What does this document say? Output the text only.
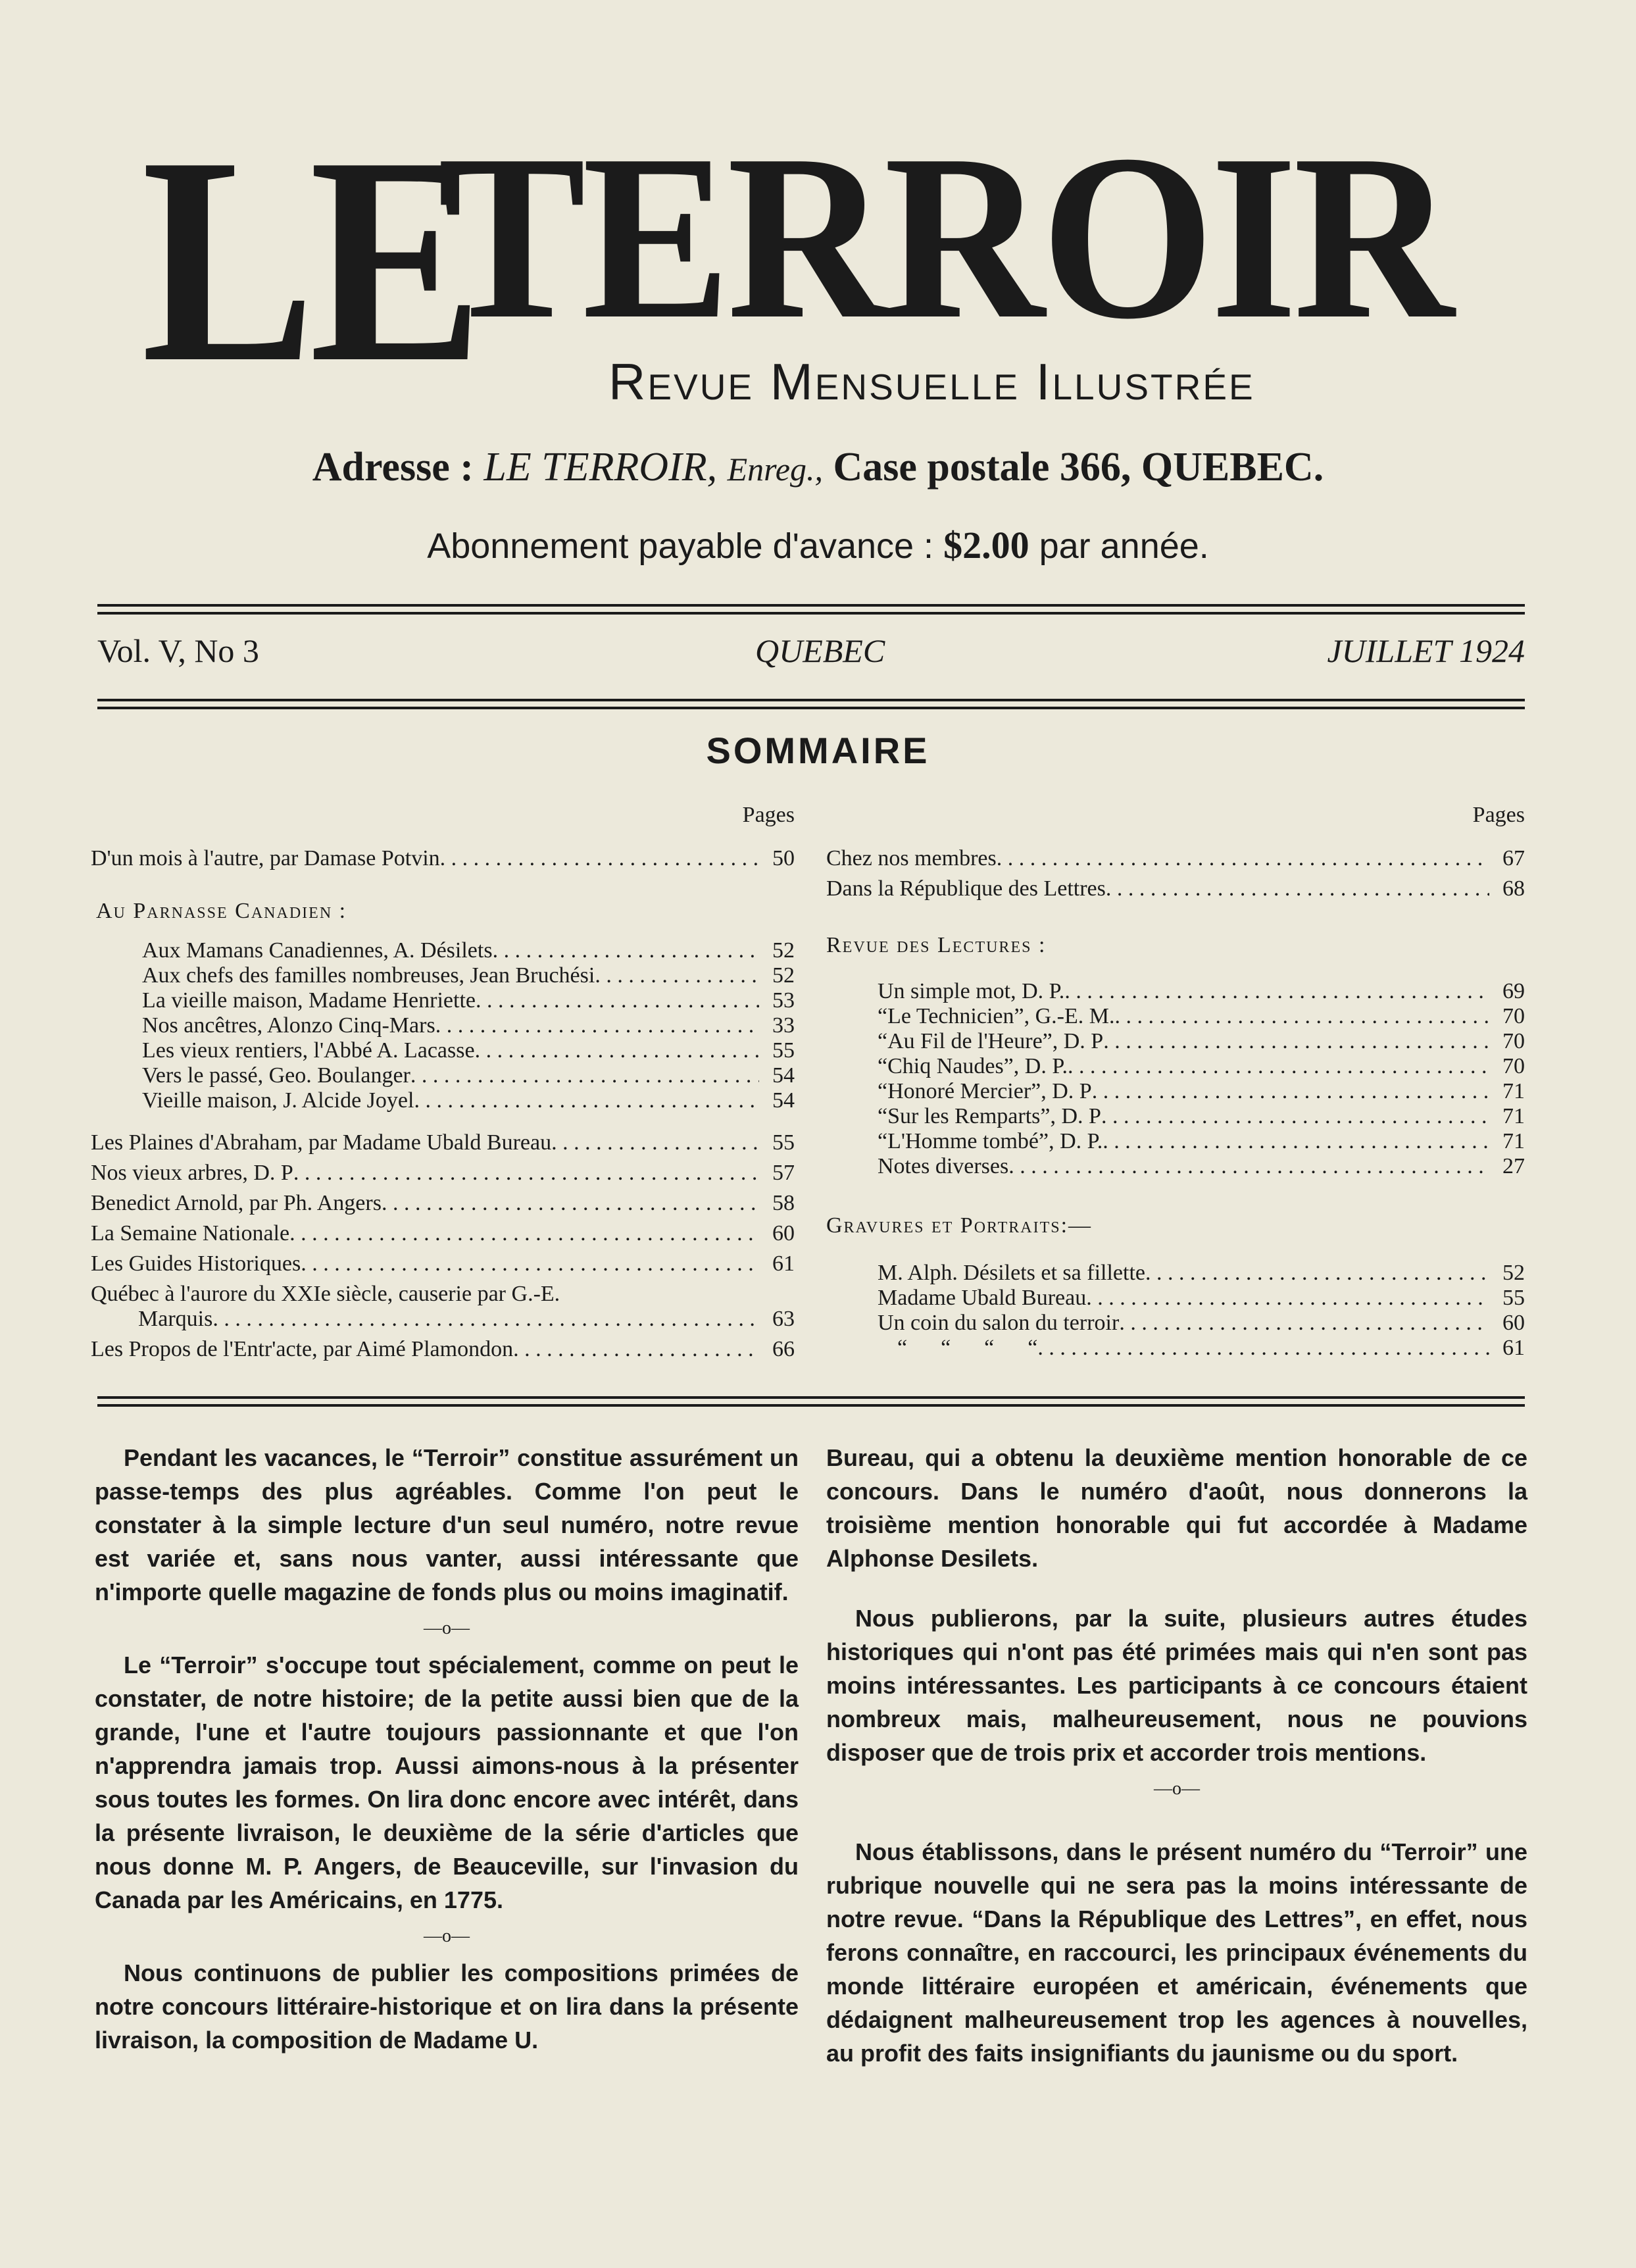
LE
TERROIR
Revue Mensuelle Illustrée
Adresse : LE TERROIR, Enreg., Case postale 366, QUEBEC.
Abonnement payable d'avance : $2.00 par année.
Vol. V, No 3	QUEBEC	JUILLET 1924
SOMMAIRE
Pages
D'un mois à l'autre, par Damase Potvin . . .	50
Au Parnasse Canadien :
Aux Mamans Canadiennes, A. Désilets . . .	52
Aux chefs des familles nombreuses, Jean Bruchési . . .	52
La vieille maison, Madame Henriette . . .	53
Nos ancêtres, Alonzo Cinq-Mars . . .	33
Les vieux rentiers, l'Abbé A. Lacasse . . .	55
Vers le passé, Geo. Boulanger . . .	54
Vieille maison, J. Alcide Joyel . . .	54
Les Plaines d'Abraham, par Madame Ubald Bureau . . .	55
Nos vieux arbres, D. P . . .	57
Benedict Arnold, par Ph. Angers . . .	58
La Semaine Nationale . . .	60
Les Guides Historiques . . .	61
Québec à l'aurore du XXIe siècle, causerie par G.-E.
Marquis . . .	63
Les Propos de l'Entr'acte, par Aimé Plamondon . . .	66
Pages
Chez nos membres . . .	67
Dans la République des Lettres . . .	68
Revue des Lectures :
Un simple mot, D. P. . . .	69
“Le Technicien”, G.-E. M. . . .	70
“Au Fil de l'Heure”, D. P . . .	70
“Chiq Naudes”, D. P. . . .	70
“Honoré Mercier”, D. P . . .	71
“Sur les Remparts”, D. P . . .	71
“L'Homme tombé”, D. P. . . .	71
Notes diverses . . .	27
Gravures et Portraits:—
M. Alph. Désilets et sa fillette . . .	52
Madame Ubald Bureau . . .	55
Un coin du salon du terroir . . .	60
“      “      “      “ . . .	61

Pendant les vacances, le “Terroir” constitue assurément un passe-temps des plus agréables. Comme l'on peut le constater à la simple lecture d'un seul numéro, notre revue est variée et, sans nous vanter, aussi intéressante que n'importe quelle magazine de fonds plus ou moins imaginatif.

—o—

Le “Terroir” s'occupe tout spécialement, comme on peut le constater, de notre histoire; de la petite aussi bien que de la grande, l'une et l'autre toujours passionnante et que l'on n'apprendra jamais trop. Aussi aimons-nous à la présenter sous toutes les formes. On lira donc encore avec intérêt, dans la présente livraison, le deuxième de la série d'articles que nous donne M. P. Angers, de Beauceville, sur l'invasion du Canada par les Américains, en 1775.

—o—

Nous continuons de publier les compositions primées de notre concours littéraire-historique et on lira dans la présente livraison, la composition de Madame U.

Bureau, qui a obtenu la deuxième mention honorable de ce concours. Dans le numéro d'août, nous donnerons la troisième mention honorable qui fut accordée à Madame Alphonse Desilets.

Nous publierons, par la suite, plusieurs autres études historiques qui n'ont pas été primées mais qui n'en sont pas moins intéressantes. Les participants à ce concours étaient nombreux mais, malheureusement, nous ne pouvions disposer que de trois prix et accorder trois mentions.

—o—

Nous établissons, dans le présent numéro du “Terroir” une rubrique nouvelle qui ne sera pas la moins intéressante de notre revue. “Dans la République des Lettres”, en effet, nous ferons connaître, en raccourci, les principaux événements du monde littéraire européen et américain, événements que dédaignent malheureusement trop les agences à nouvelles, au profit des faits insignifiants du jaunisme ou du sport.
